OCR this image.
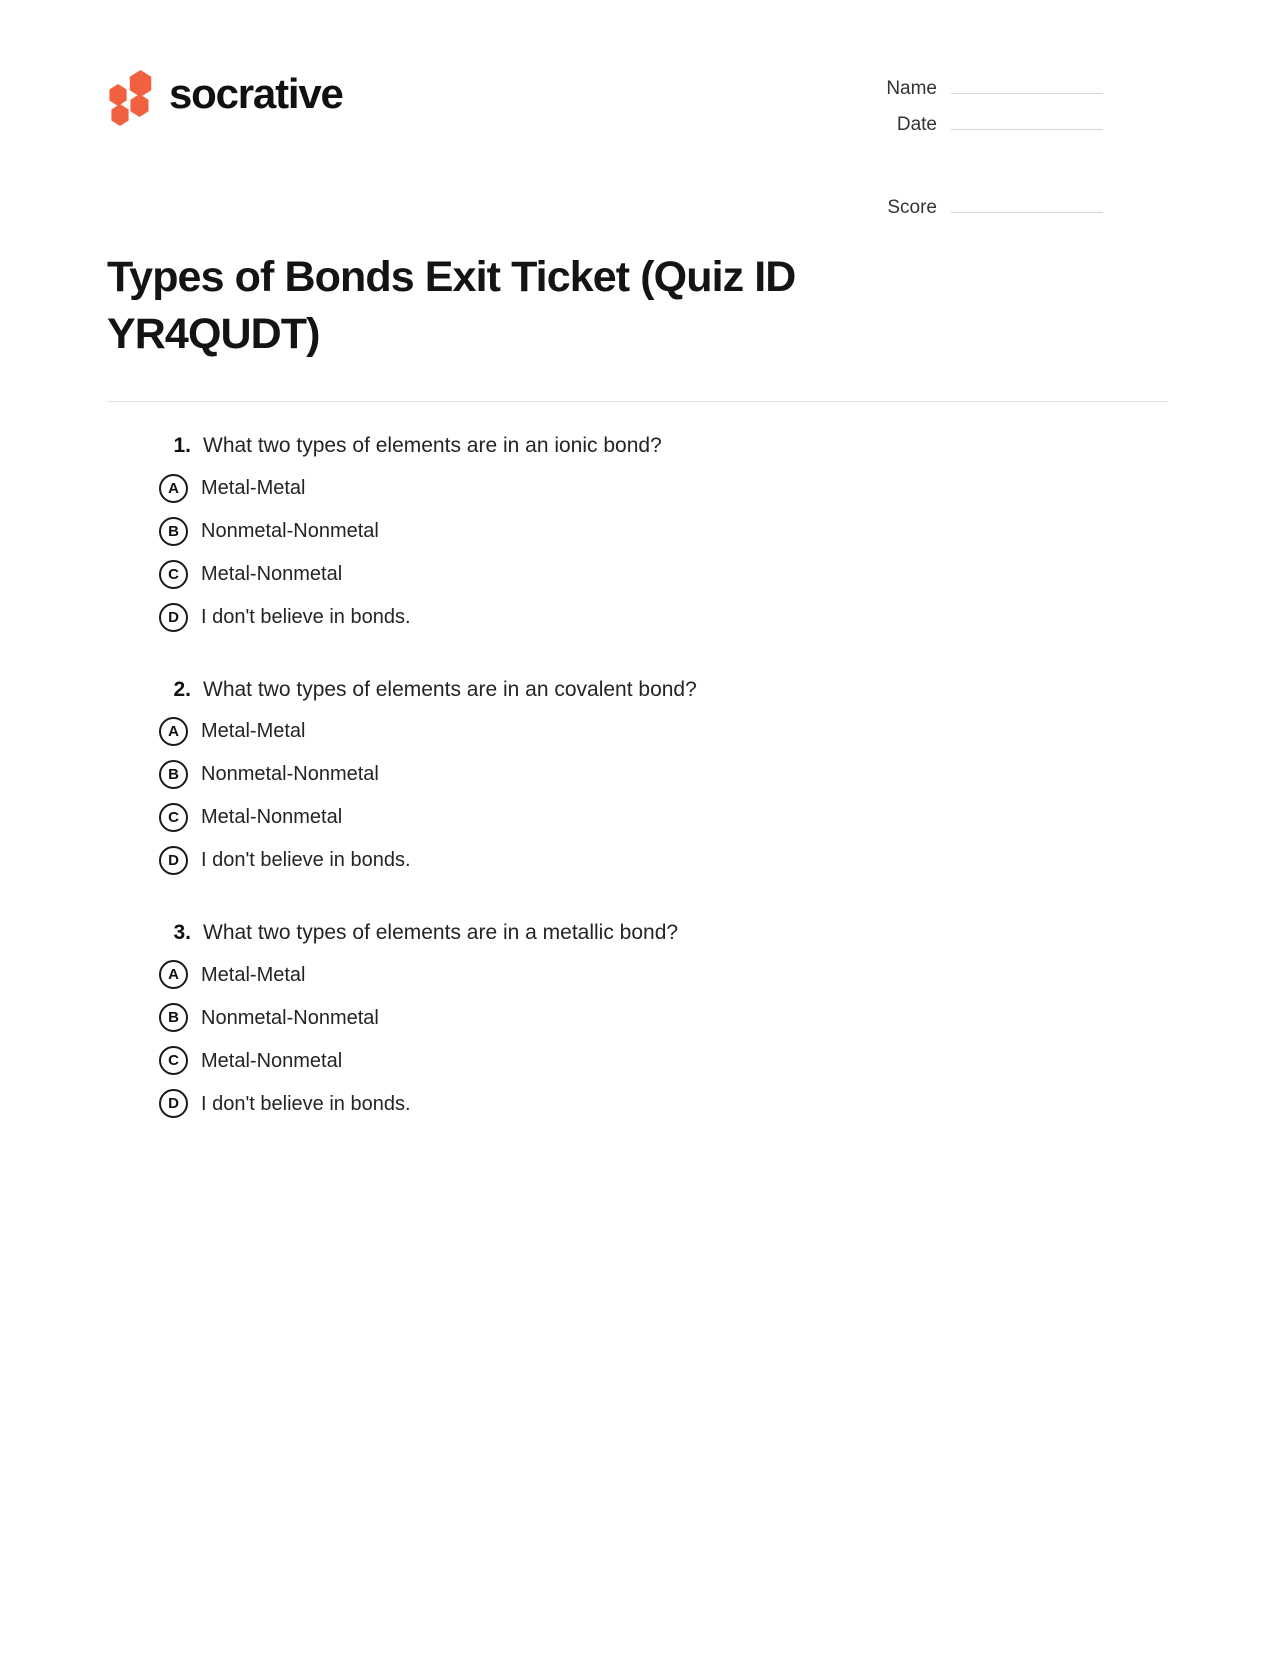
socrative	Name
Date
Score
Types of Bonds Exit Ticket (Quiz ID YR4QUDT)
1. What two types of elements are in an ionic bond?
A	Metal-Metal
B	Nonmetal-Nonmetal
C	Metal-Nonmetal
D	I don't believe in bonds.
2. What two types of elements are in an covalent bond?
A	Metal-Metal
B	Nonmetal-Nonmetal
C	Metal-Nonmetal
D	I don't believe in bonds.
3. What two types of elements are in a metallic bond?
A	Metal-Metal
B	Nonmetal-Nonmetal
C	Metal-Nonmetal
D	I don't believe in bonds.
